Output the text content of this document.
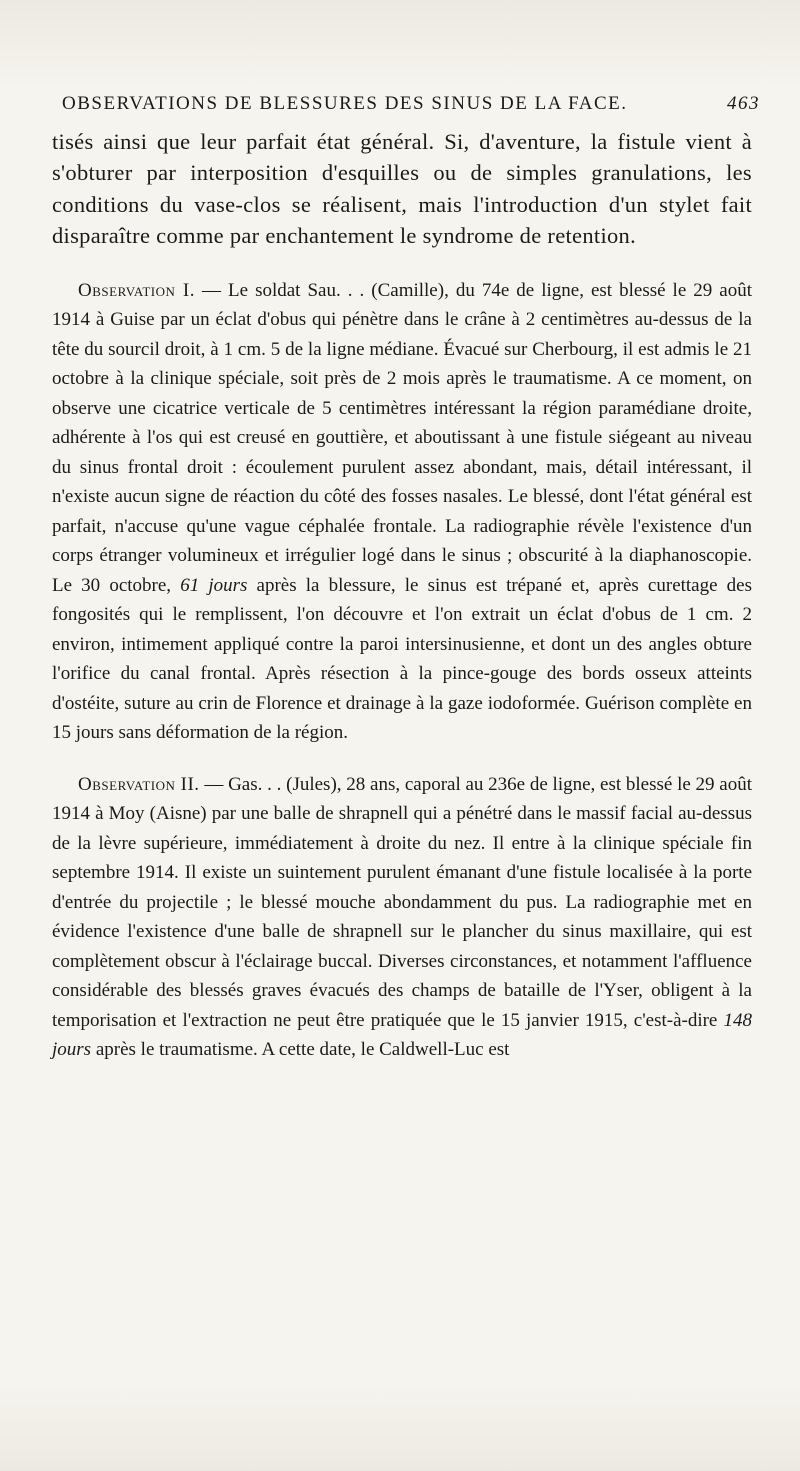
OBSERVATIONS DE BLESSURES DES SINUS DE LA FACE.	463

tisés ainsi que leur parfait état général. Si, d'aventure, la fistule vient à s'obturer par interposition d'esquilles ou de simples granulations, les conditions du vase-clos se réalisent, mais l'introduction d'un stylet fait disparaître comme par enchantement le syndrome de retention.

Observation I. — Le soldat Sau. . . (Camille), du 74e de ligne, est blessé le 29 août 1914 à Guise par un éclat d'obus qui pénètre dans le crâne à 2 centimètres au-dessus de la tête du sourcil droit, à 1 cm. 5 de la ligne médiane. Évacué sur Cherbourg, il est admis le 21 octobre à la clinique spéciale, soit près de 2 mois après le traumatisme. A ce moment, on observe une cicatrice verticale de 5 centimètres intéressant la région paramédiane droite, adhérente à l'os qui est creusé en gouttière, et aboutissant à une fistule siégeant au niveau du sinus frontal droit : écoulement purulent assez abondant, mais, détail intéressant, il n'existe aucun signe de réaction du côté des fosses nasales. Le blessé, dont l'état général est parfait, n'accuse qu'une vague céphalée frontale. La radiographie révèle l'existence d'un corps étranger volumineux et irrégulier logé dans le sinus ; obscurité à la diaphanoscopie. Le 30 octobre, 61 jours après la blessure, le sinus est trépané et, après curettage des fongosités qui le remplissent, l'on découvre et l'on extrait un éclat d'obus de 1 cm. 2 environ, intimement appliqué contre la paroi intersinusienne, et dont un des angles obture l'orifice du canal frontal. Après résection à la pince-gouge des bords osseux atteints d'ostéite, suture au crin de Florence et drainage à la gaze iodoformée. Guérison complète en 15 jours sans déformation de la région.

Observation II. — Gas. . . (Jules), 28 ans, caporal au 236e de ligne, est blessé le 29 août 1914 à Moy (Aisne) par une balle de shrapnell qui a pénétré dans le massif facial au-dessus de la lèvre supérieure, immédiatement à droite du nez. Il entre à la clinique spéciale fin septembre 1914. Il existe un suintement purulent émanant d'une fistule localisée à la porte d'entrée du projectile ; le blessé mouche abondamment du pus. La radiographie met en évidence l'existence d'une balle de shrapnell sur le plancher du sinus maxillaire, qui est complètement obscur à l'éclairage buccal. Diverses circonstances, et notamment l'affluence considérable des blessés graves évacués des champs de bataille de l'Yser, obligent à la temporisation et l'extraction ne peut être pratiquée que le 15 janvier 1915, c'est-à-dire 148 jours après le traumatisme. A cette date, le Caldwell-Luc est
